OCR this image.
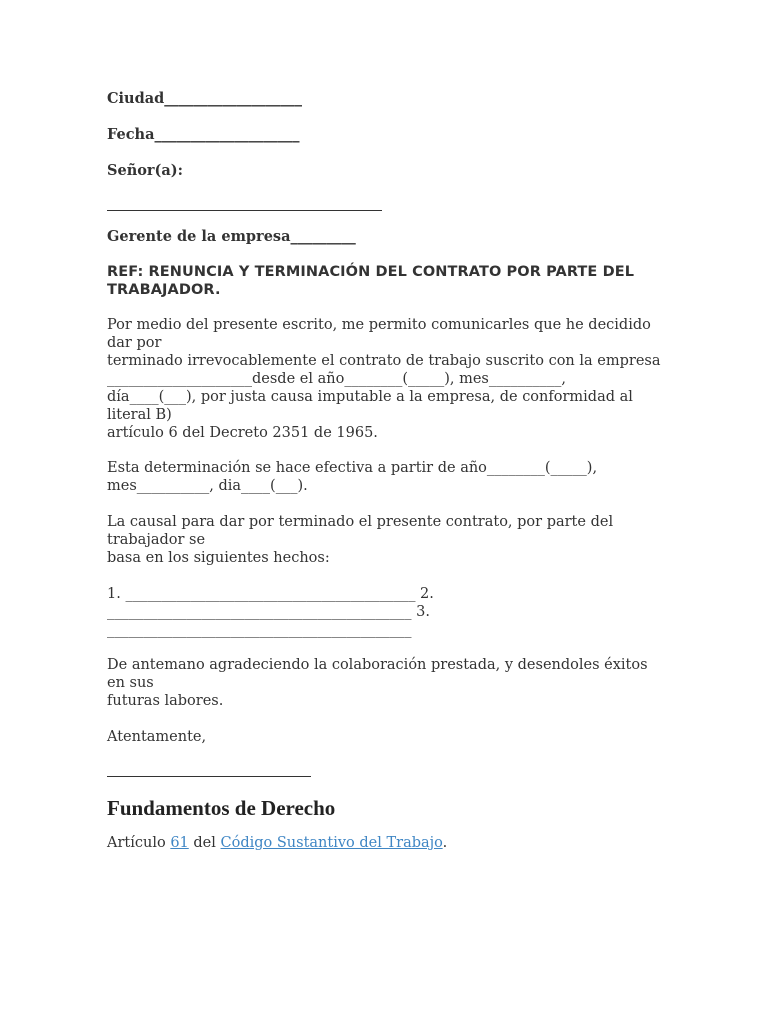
Ciudad___________________

Fecha____________________

Señor(a):

Gerente de la empresa_________

REF: RENUNCIA Y TERMINACIÓN DEL CONTRATO POR PARTE DEL TRABAJADOR.

Por medio del presente escrito, me permito comunicarles que he decidido dar por

terminado irrevocablemente el contrato de trabajo suscrito con la empresa

____________________desde el año________(_____), mes__________,

día____(___), por justa causa imputable a la empresa, de conformidad al literal B)

artículo 6 del Decreto 2351 de 1965.

Esta determinación se hace efectiva a partir de año________(_____),

mes__________, dia____(___).

La causal para dar por terminado el presente contrato, por parte del trabajador se

basa en los siguientes hechos:

1. ________________________________________ 2.

__________________________________________ 3.

__________________________________________

De antemano agradeciendo la colaboración prestada, y desendoles éxitos en sus

futuras labores.

Atentamente,

Fundamentos de Derecho

Artículo 61 del Código Sustantivo del Trabajo.
